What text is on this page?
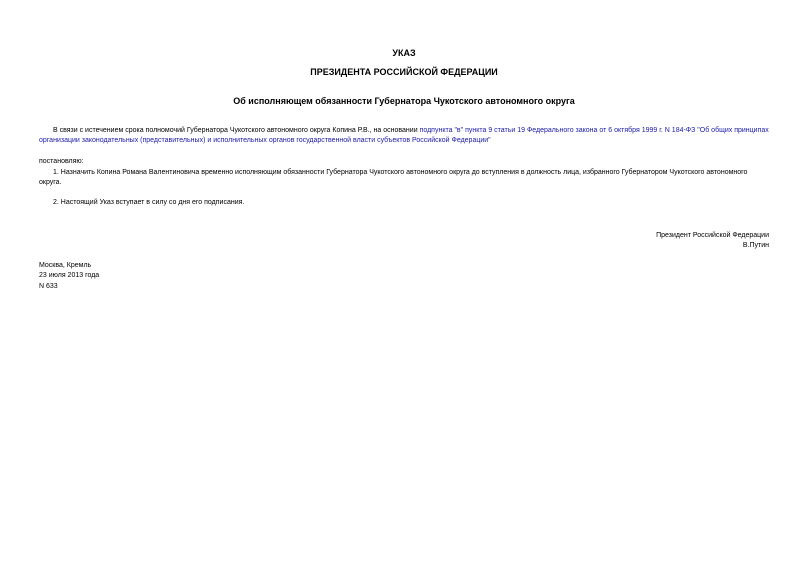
УКАЗ
ПРЕЗИДЕНТА РОССИЙСКОЙ ФЕДЕРАЦИИ
Об исполняющем обязанности Губернатора Чукотского автономного округа
В связи с истечением срока полномочий Губернатора Чукотского автономного округа Копина Р.В., на основании подпункта "в" пункта 9 статьи 19 Федерального закона от 6 октября 1999 г. N 184-ФЗ "Об общих принципах организации законодательных (представительных) и исполнительных органов государственной власти субъектов Российской Федерации"
постановляю:
1. Назначить Копина Романа Валентиновича временно исполняющим обязанности Губернатора Чукотского автономного округа до вступления в должность лица, избранного Губернатором Чукотского автономного округа.
2. Настоящий Указ вступает в силу со дня его подписания.
Президент Российской Федерации
В.Путин
Москва, Кремль
23 июля 2013 года
N 633
